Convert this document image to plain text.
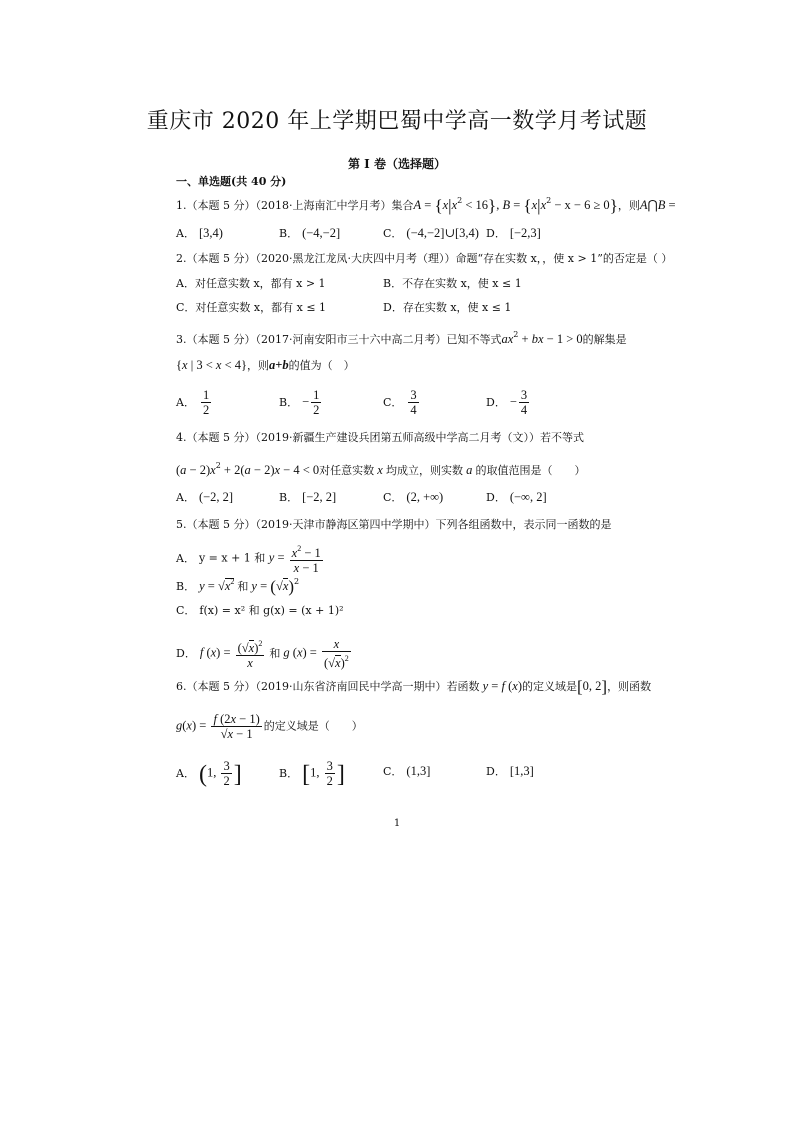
重庆市 2020 年上学期巴蜀中学高一数学月考试题
第 I 卷（选择题）
一、单选题(共 40 分)
1.（本题 5 分）（2018·上海南汇中学月考）集合$A = \{x|x^2 < 16\}$, $B = \{x|x^2 - x - 6 \ge 0\}$，则A⋂B =
A． [3,4)	B． (−4,−2]	C． (−4,−2]∪[3,4) D． [−2,3]
2.（本题 5 分）（2020·黑龙江龙凤·大庆四中月考（理））命题“存在实数 x，，使 x > 1”的否定是（ ）
A．对任意实数 x，都有 x > 1	B．不存在实数 x，使 x ≤ 1
C．对任意实数 x，都有 x ≤ 1	D．存在实数 x，使 x ≤ 1
3.（本题 5 分）（2017·河南安阳市三十六中高二月考）已知不等式$ax^2$ + bx − 1 > 0的解集是
{x | 3 < x < 4}，则a+b的值为（　）
A． $\frac{1}{2}$	B． − $\frac{1}{2}$	C． $\frac{3}{4}$	D． − $\frac{3}{4}$
4.（本题 5 分）（2019·新疆生产建设兵团第五师高级中学高二月考（文））若不等式
$(a - 2)x^2 + 2(a - 2)x - 4 < 0$对任意实数 x 均成立，则实数 a 的取值范围是（　　）
A． (−2, 2]	B． [−2, 2]	C． (2, +∞)	D． (−∞, 2]
5.（本题 5 分）（2019·天津市静海区第四中学期中）下列各组函数中，表示同一函数的是
A． y = x + 1 和 $y = \frac{x^2 - 1}{x - 1}$
B． $y = √x^2$ 和 $y = (√x)^2$
C． f(x) = x² 和 g(x) = (x + 1)²
D． f $(x) = \frac{(√x)^2}{x}$ 和 g $(x) = \frac{x}{(√x)^2}$
6.（本题 5 分）（2019·山东省济南回民中学高一期中）若函数 y = f (x)的定义域是[0, 2]，则函数
$g(x) = \frac{f (2x - 1)}{√x - 1}$ 的定义域是（　　）
A． (1, $\frac{3}{2}$ ]	B． [1, $\frac{3}{2}$ ]	C． (1,3]	D． [1,3]
1
